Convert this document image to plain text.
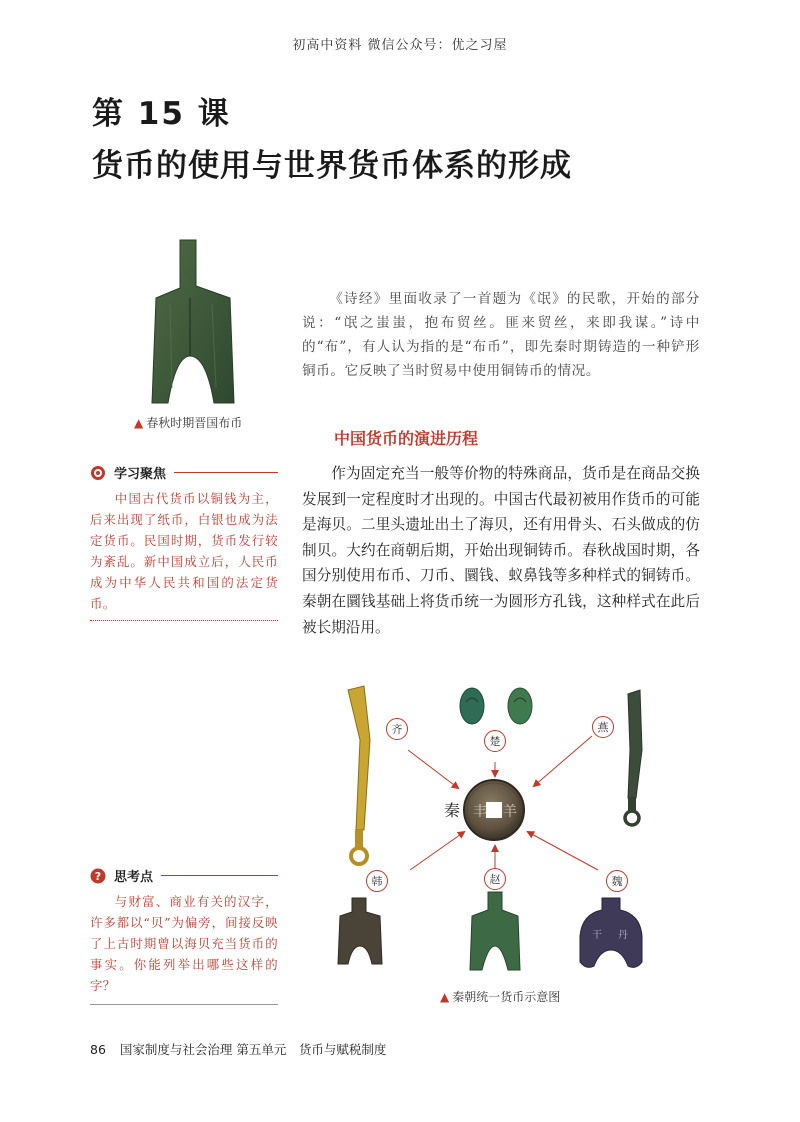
初高中资料 微信公众号：优之习屋
第 15 课
货币的使用与世界货币体系的形成
▲ 春秋时期晋国布币

《诗经》里面收录了一首题为《氓》的民歌，开始的部分说：“氓之蚩蚩，抱布贸丝。匪来贸丝，来即我谋。”诗中的“布”，有人认为指的是“布币”，即先秦时期铸造的一种铲形铜币。它反映了当时贸易中使用铜铸币的情况。

中国货币的演进历程

作为固定充当一般等价物的特殊商品，货币是在商品交换发展到一定程度时才出现的。中国古代最初被用作货币的可能是海贝。二里头遗址出土了海贝，还有用骨头、石头做成的仿制贝。大约在商朝后期，开始出现铜铸币。春秋战国时期，各国分别使用布币、刀币、圜钱、蚁鼻钱等多种样式的铜铸币。秦朝在圜钱基础上将货币统一为圆形方孔钱，这种样式在此后被长期沿用。

学习聚焦

中国古代货币以铜钱为主，后来出现了纸币，白银也成为法定货币。民国时期，货币发行较为紊乱。新中国成立后，人民币成为中华人民共和国的法定货币。

? 思考点

与财富、商业有关的汉字，许多都以“贝”为偏旁，间接反映了上古时期曾以海贝充当货币的事实。你能列举出哪些这样的字？

丰 羊
干 丹
齐
楚
燕
韩	赵	魏
秦
▲ 秦朝统一货币示意图
86 国家制度与社会治理 第五单元　货币与赋税制度
